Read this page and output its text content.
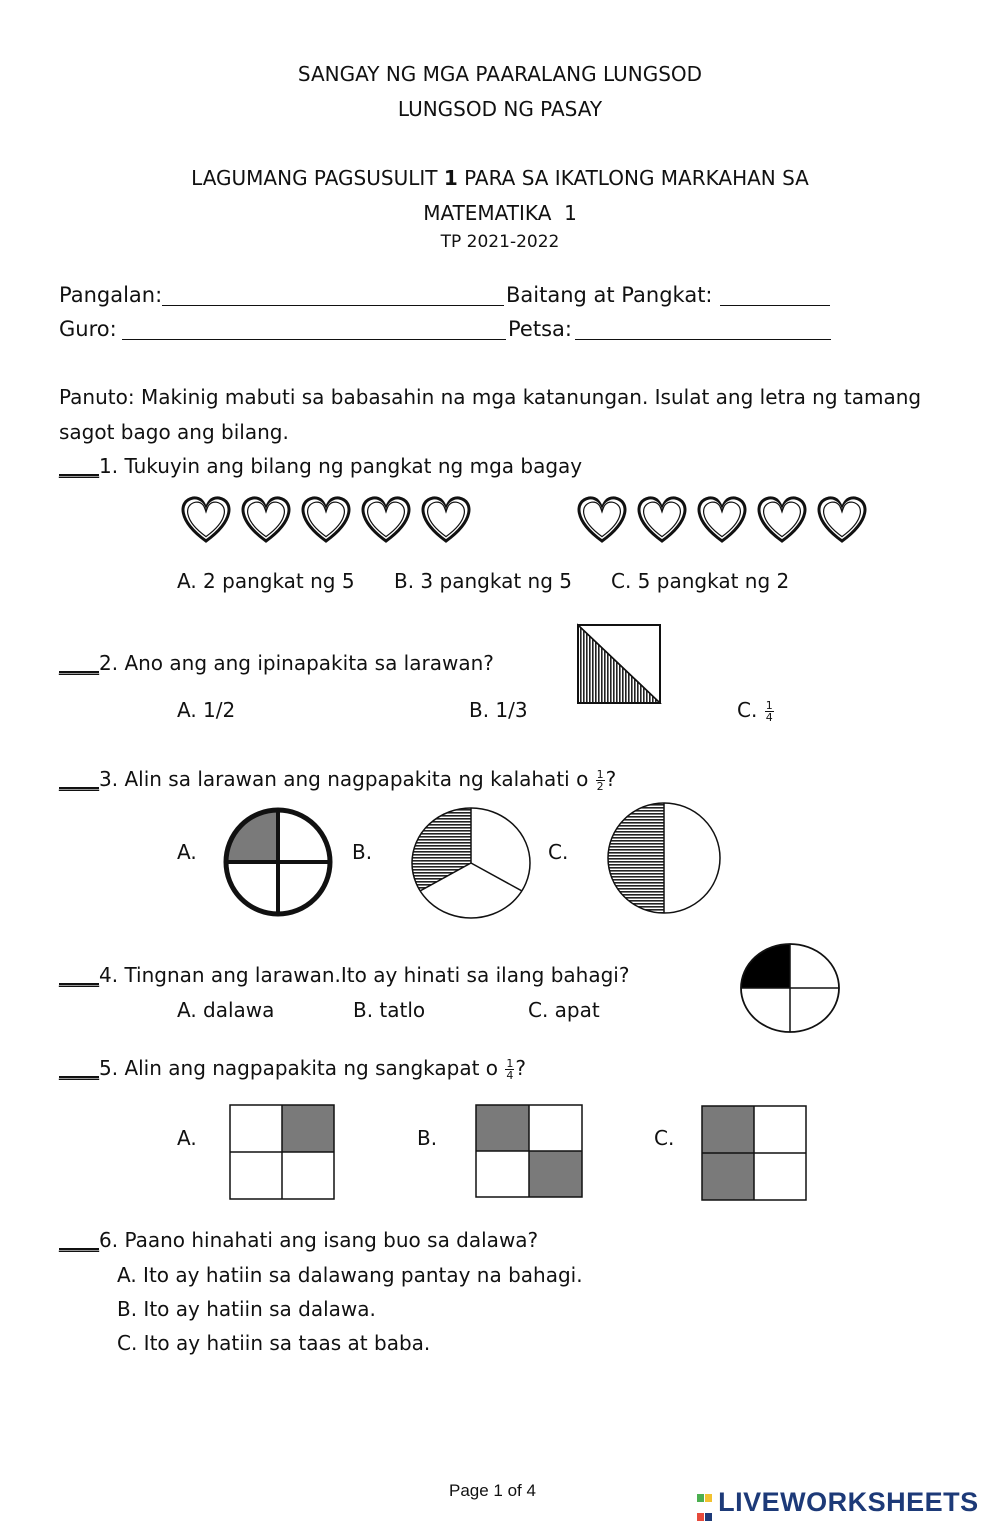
SANGAY NG MGA PAARALANG LUNGSOD
LUNGSOD NG PASAY
LAGUMANG PAGSUSULIT 1 PARA SA IKATLONG MARKAHAN SA
MATEMATIKA  1
TP 2021-2022
Pangalan:	Baitang at Pangkat:
Guro:	Petsa:
Panuto: Makinig mabuti sa babasahin na mga katanungan. Isulat ang letra ng tamang
sagot bago ang bilang.
____1. Tukuyin ang bilang ng pangkat ng mga bagay
A. 2 pangkat ng 5 B. 3 pangkat ng 5 C. 5 pangkat ng 2
____2. Ano ang ang ipinapakita sa larawan?
A. 1/2	B. 1/3	C. $\frac{1}{4}$
____3. Alin sa larawan ang nagpapakita ng kalahati o $\frac{1}{2}$ ?
A.	B.	C.
____4. Tingnan ang larawan.Ito ay hinati sa ilang bahagi?
A. dalawa	B. tatlo	C. apat
____5. Alin ang nagpapakita ng sangkapat o $\frac{1}{4}$ ?
A.	B.	C.
____6. Paano hinahati ang isang buo sa dalawa?
A. Ito ay hatiin sa dalawang pantay na bahagi.
B. Ito ay hatiin sa dalawa.
C. Ito ay hatiin sa taas at baba.
Page 1 of 4	LIVEWORKSHEETS
